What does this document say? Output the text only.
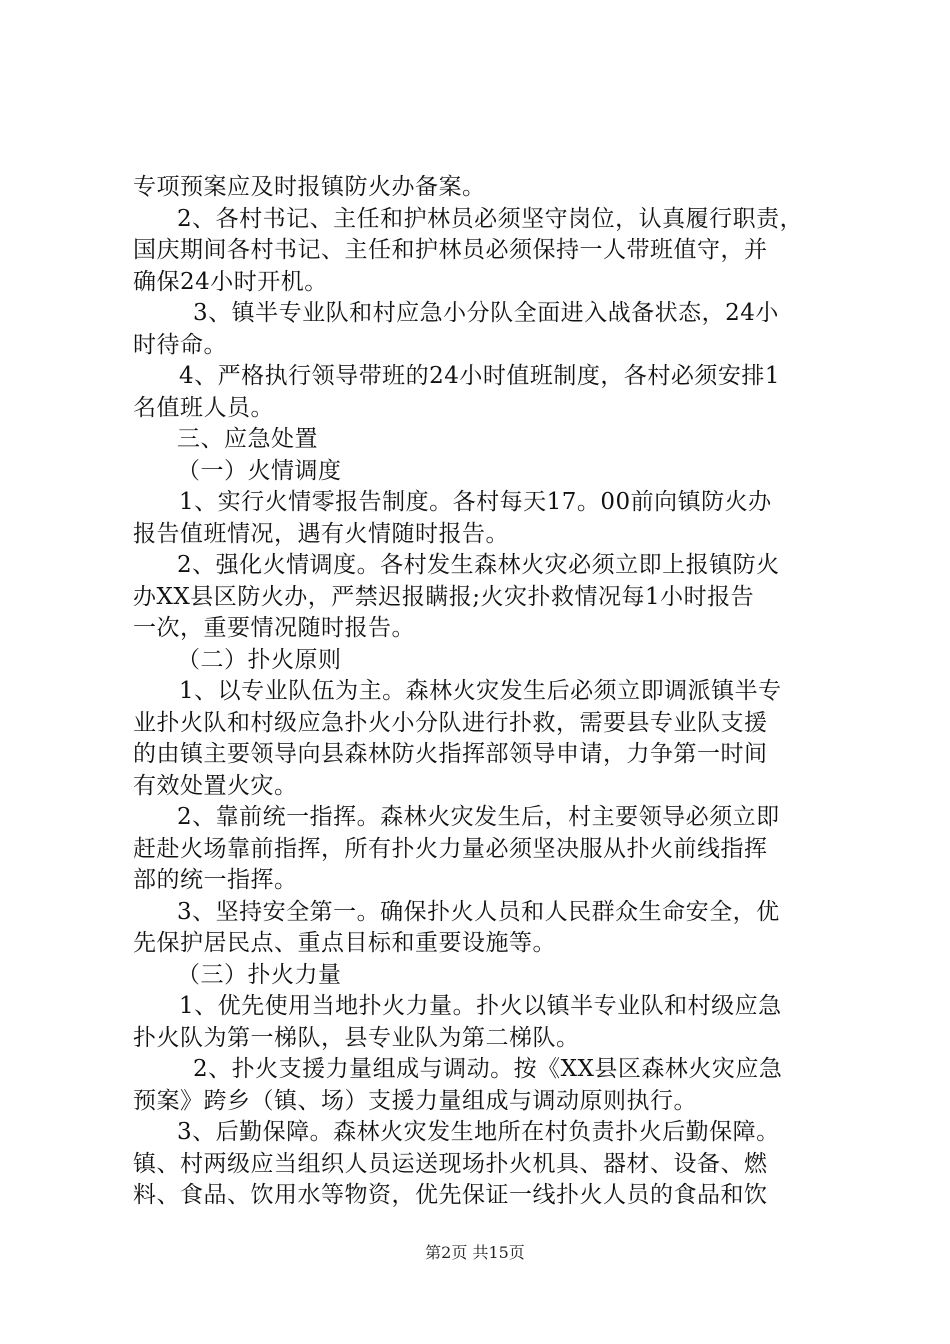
专项预案应及时报镇防火办备案。
2、各村书记、主任和护林员必须坚守岗位，认真履行职责，
国庆期间各村书记、主任和护林员必须保持一人带班值守，并
确保24小时开机。
3、镇半专业队和村应急小分队全面进入战备状态，24小
时待命。
4、严格执行领导带班的24小时值班制度，各村必须安排1
名值班人员。
三、应急处置
（一）火情调度
1、实行火情零报告制度。各村每天17。00前向镇防火办
报告值班情况，遇有火情随时报告。
2、强化火情调度。各村发生森林火灾必须立即上报镇防火
办XX县区防火办，严禁迟报瞒报;火灾扑救情况每1小时报告
一次，重要情况随时报告。
（二）扑火原则
1、以专业队伍为主。森林火灾发生后必须立即调派镇半专
业扑火队和村级应急扑火小分队进行扑救，需要县专业队支援
的由镇主要领导向县森林防火指挥部领导申请，力争第一时间
有效处置火灾。
2、靠前统一指挥。森林火灾发生后，村主要领导必须立即
赶赴火场靠前指挥，所有扑火力量必须坚决服从扑火前线指挥
部的统一指挥。
3、坚持安全第一。确保扑火人员和人民群众生命安全，优
先保护居民点、重点目标和重要设施等。
（三）扑火力量
1、优先使用当地扑火力量。扑火以镇半专业队和村级应急
扑火队为第一梯队，县专业队为第二梯队。
2、扑火支援力量组成与调动。按《XX县区森林火灾应急
预案》跨乡（镇、场）支援力量组成与调动原则执行。
3、后勤保障。森林火灾发生地所在村负责扑火后勤保障。
镇、村两级应当组织人员运送现场扑火机具、器材、设备、燃
料、食品、饮用水等物资，优先保证一线扑火人员的食品和饮
第2页 共15页
